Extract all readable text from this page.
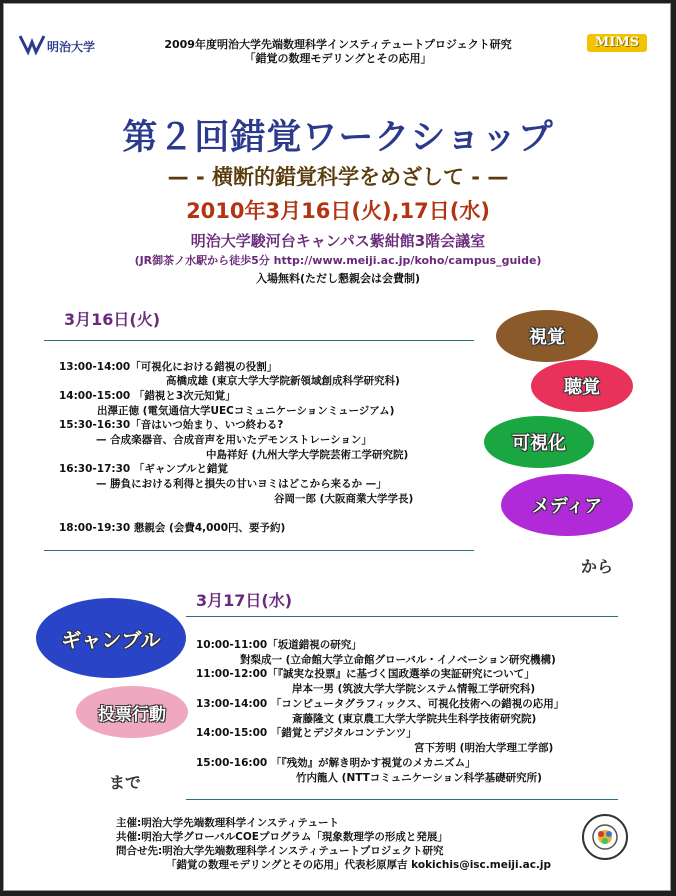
明治大学	MIMS
2009年度明治大学先端数理科学インスティテュートプロジェクト研究
「錯覚の数理モデリングとその応用」
第２回錯覚ワークショップ
— - 横断的錯覚科学をめざして - —
2010年3月16日(火),17日(水)
明治大学駿河台キャンパス紫紺館3階会議室
(JR御茶ノ水駅から徒歩5分 http://www.meiji.ac.jp/koho/campus_guide)
入場無料(ただし懇親会は会費制)
3月16日(火)
13:00-14:00「可視化における錯視の役割」
高橋成雄 (東京大学大学院新領域創成科学研究科)
14:00-15:00 「錯視と3次元知覚」
出澤正徳 (電気通信大学UECコミュニケーションミュージアム)
15:30-16:30「音はいつ始まり、いつ終わる?
— 合成楽器音、合成音声を用いたデモンストレーション」
中島祥好 (九州大学大学院芸術工学研究院)
16:30-17:30 「ギャンブルと錯覚
— 勝負における利得と損失の甘いヨミはどこから来るか —」
谷岡一郎 (大阪商業大学学長)
18:00-19:30 懇親会 (会費4,000円、要予約)
視覚
聴覚
可視化
メディア
から
3月17日(水)
10:00-11:00「坂道錯視の研究」
對梨成一 (立命館大学立命館グローバル・イノベーション研究機構)
11:00-12:00「『誠実な投票』に基づく国政選挙の実証研究について」
岸本一男 (筑波大学大学院システム情報工学研究科)
13:00-14:00 「コンピュータグラフィックス、可視化技術への錯視の応用」
斎藤隆文 (東京農工大学大学院共生科学技術研究院)
14:00-15:00 「錯覚とデジタルコンテンツ」
宮下芳明 (明治大学理工学部)
15:00-16:00 「『残効』が解き明かす視覚のメカニズム」
竹内龍人 (NTTコミュニケーション科学基礎研究所)
ギャンブル
投票行動
まで
主催:明治大学先端数理科学インスティテュート
共催:明治大学グローバルCOEプログラム「現象数理学の形成と発展」
問合せ先:明治大学先端数理科学インスティテュートプロジェクト研究
「錯覚の数理モデリングとその応用」代表杉原厚吉 kokichis@isc.meiji.ac.jp
